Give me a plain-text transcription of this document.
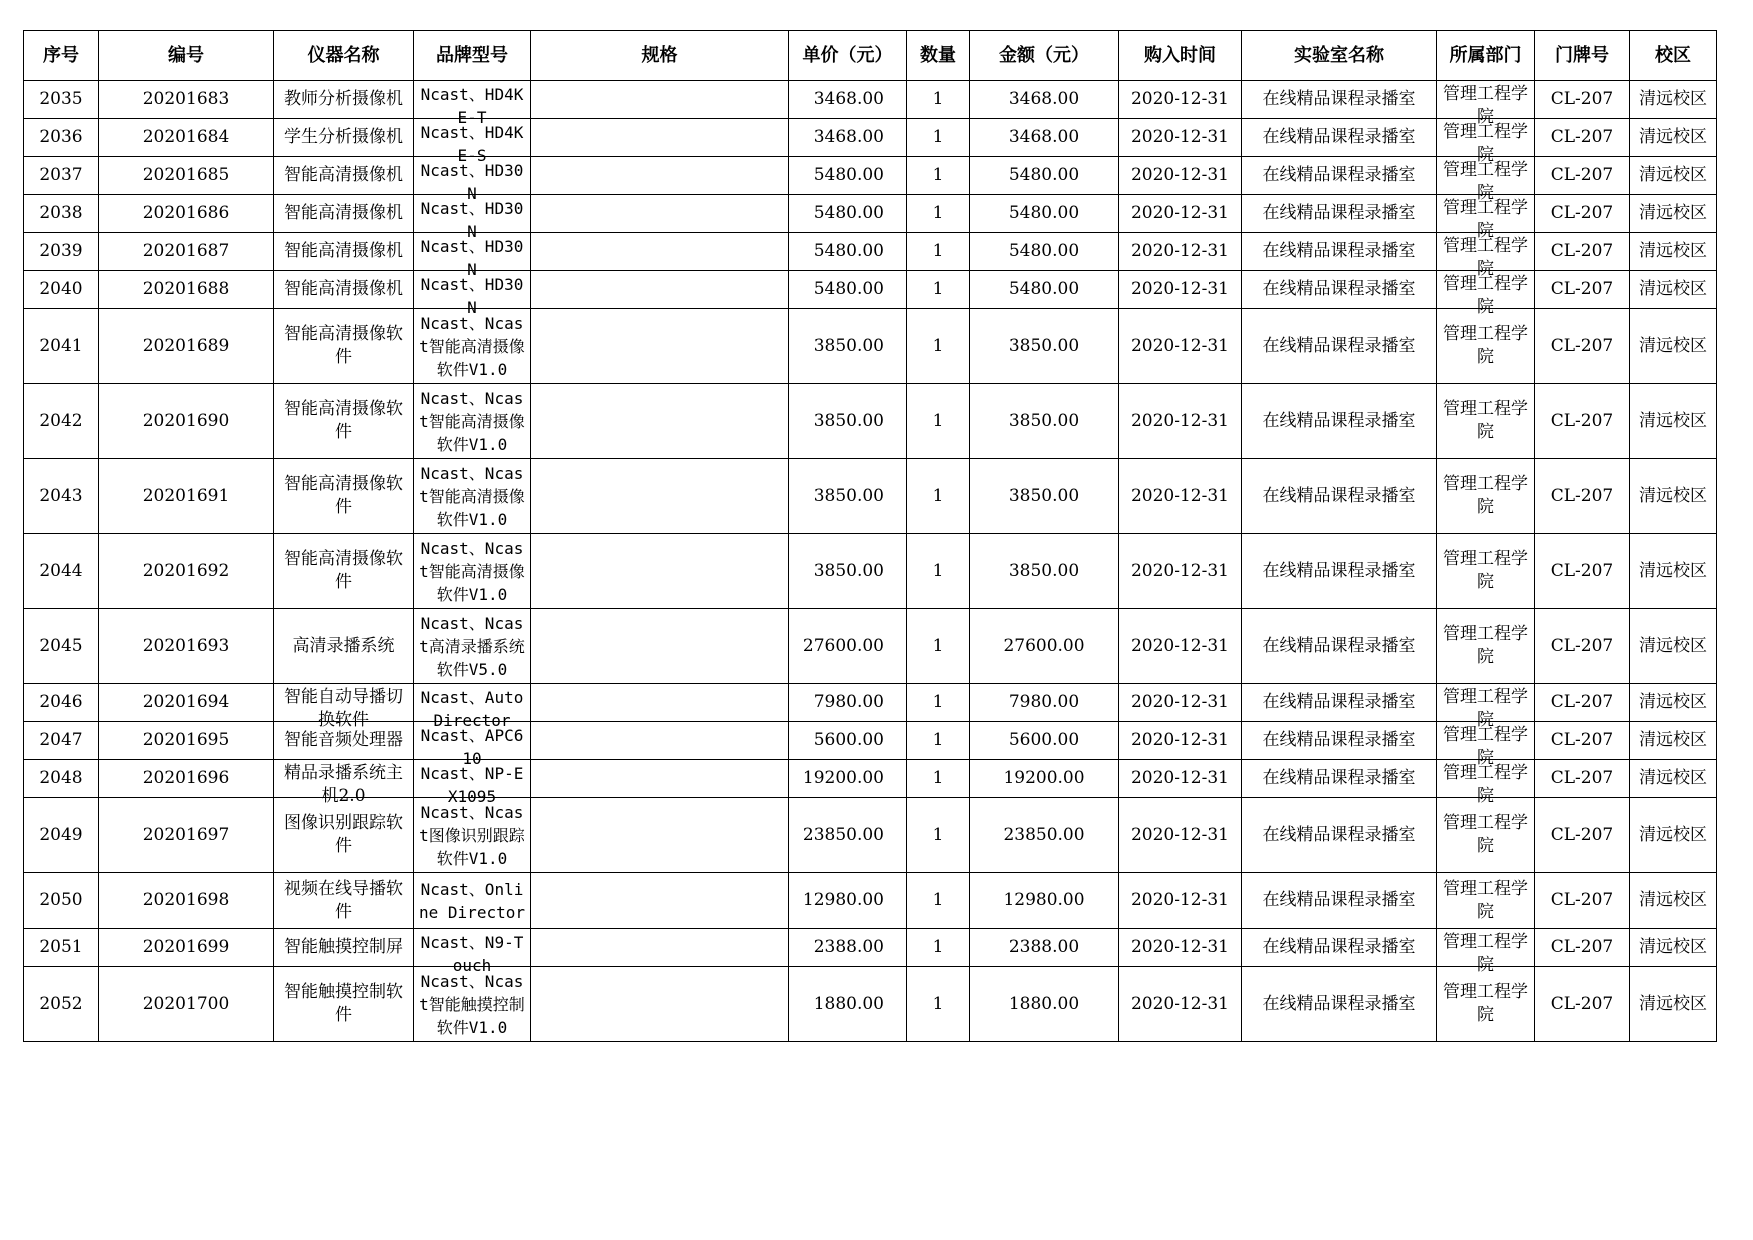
序号	编号	仪器名称	品牌型号	规格	单价（元）	数量	金额（元）	购入时间	实验室名称	所属部门	门牌号	校区

2035	20201683	教师分析摄像机	Ncast、HD4KE-T		3468.00	1	3468.00	2020-12-31	在线精品课程录播室	管理工程学院	CL-207	清远校区

2036	20201684	学生分析摄像机	Ncast、HD4KE-S		3468.00	1	3468.00	2020-12-31	在线精品课程录播室	管理工程学院	CL-207	清远校区

2037	20201685	智能高清摄像机	Ncast、HD30N		5480.00	1	5480.00	2020-12-31	在线精品课程录播室	管理工程学院	CL-207	清远校区

2038	20201686	智能高清摄像机	Ncast、HD30N		5480.00	1	5480.00	2020-12-31	在线精品课程录播室	管理工程学院	CL-207	清远校区

2039	20201687	智能高清摄像机	Ncast、HD30N		5480.00	1	5480.00	2020-12-31	在线精品课程录播室	管理工程学院	CL-207	清远校区

2040	20201688	智能高清摄像机	Ncast、HD30N		5480.00	1	5480.00	2020-12-31	在线精品课程录播室	管理工程学院	CL-207	清远校区

2041	20201689	智能高清摄像软件	Ncast、Ncast智能高清摄像软件V1.0		3850.00	1	3850.00	2020-12-31	在线精品课程录播室	管理工程学院	CL-207	清远校区

2042	20201690	智能高清摄像软件	Ncast、Ncast智能高清摄像软件V1.0		3850.00	1	3850.00	2020-12-31	在线精品课程录播室	管理工程学院	CL-207	清远校区

2043	20201691	智能高清摄像软件	Ncast、Ncast智能高清摄像软件V1.0		3850.00	1	3850.00	2020-12-31	在线精品课程录播室	管理工程学院	CL-207	清远校区

2044	20201692	智能高清摄像软件	Ncast、Ncast智能高清摄像软件V1.0		3850.00	1	3850.00	2020-12-31	在线精品课程录播室	管理工程学院	CL-207	清远校区

2045	20201693	高清录播系统	Ncast、Ncast高清录播系统软件V5.0		27600.00	1	27600.00	2020-12-31	在线精品课程录播室	管理工程学院	CL-207	清远校区

2046	20201694	智能自动导播切换软件	Ncast、Auto Director		7980.00	1	7980.00	2020-12-31	在线精品课程录播室	管理工程学院	CL-207	清远校区

2047	20201695	智能音频处理器	Ncast、APC610		5600.00	1	5600.00	2020-12-31	在线精品课程录播室	管理工程学院	CL-207	清远校区

2048	20201696	精品录播系统主机2.0	Ncast、NP-EX1095		19200.00	1	19200.00	2020-12-31	在线精品课程录播室	管理工程学院	CL-207	清远校区

2049	20201697	图像识别跟踪软件	Ncast、Ncast图像识别跟踪软件V1.0		23850.00	1	23850.00	2020-12-31	在线精品课程录播室	管理工程学院	CL-207	清远校区

2050	20201698	视频在线导播软件	Ncast、Online Director		12980.00	1	12980.00	2020-12-31	在线精品课程录播室	管理工程学院	CL-207	清远校区

2051	20201699	智能触摸控制屏	Ncast、N9-Touch		2388.00	1	2388.00	2020-12-31	在线精品课程录播室	管理工程学院	CL-207	清远校区

2052	20201700	智能触摸控制软件	Ncast、Ncast智能触摸控制软件V1.0		1880.00	1	1880.00	2020-12-31	在线精品课程录播室	管理工程学院	CL-207	清远校区
